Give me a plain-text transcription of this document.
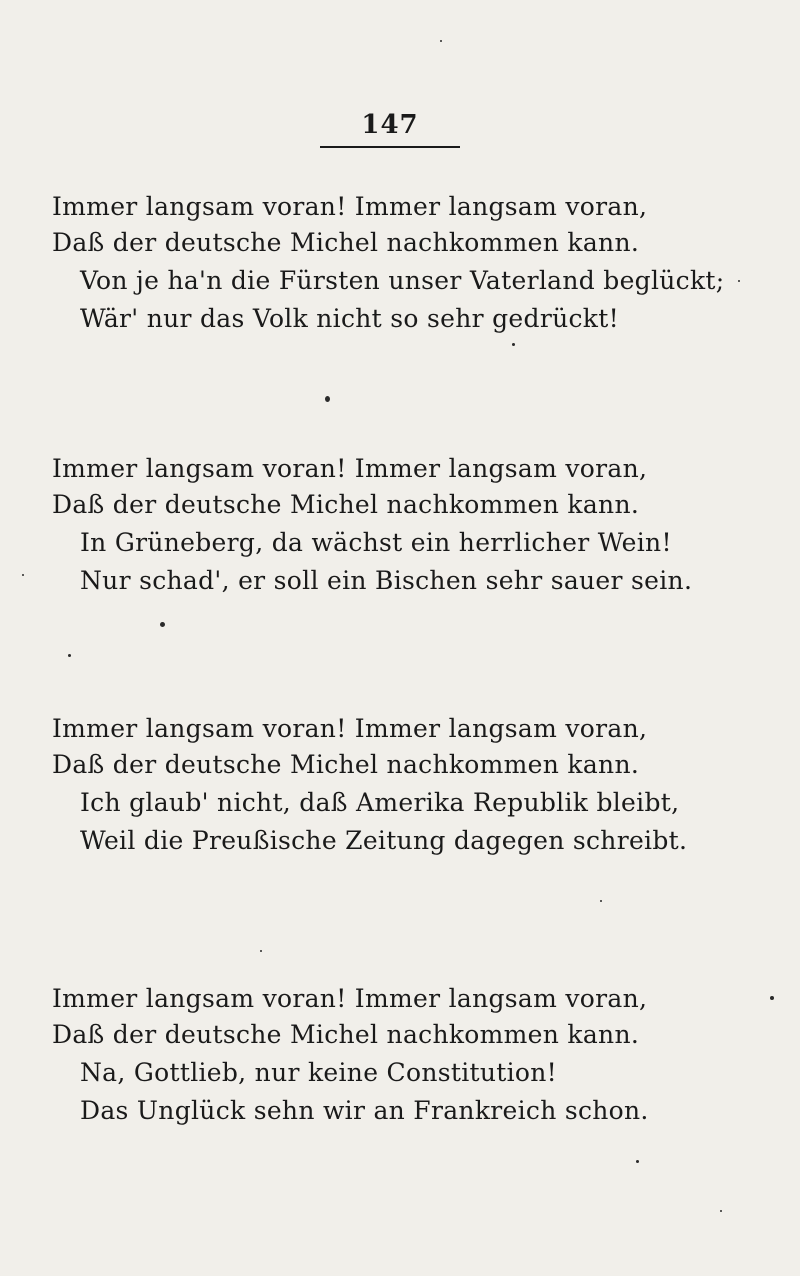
147
Immer langsam voran! Immer langsam voran,
Daß der deutsche Michel nachkommen kann.
Von je ha'n die Fürsten unser Vaterland beglückt;
Wär' nur das Volk nicht so sehr gedrückt!
Immer langsam voran! Immer langsam voran,
Daß der deutsche Michel nachkommen kann.
In Grüneberg, da wächst ein herrlicher Wein!
Nur schad', er soll ein Bischen sehr sauer sein.
Immer langsam voran! Immer langsam voran,
Daß der deutsche Michel nachkommen kann.
Ich glaub' nicht, daß Amerika Republik bleibt,
Weil die Preußische Zeitung dagegen schreibt.
Immer langsam voran! Immer langsam voran,
Daß der deutsche Michel nachkommen kann.
Na, Gottlieb, nur keine Constitution!
Das Unglück sehn wir an Frankreich schon.
